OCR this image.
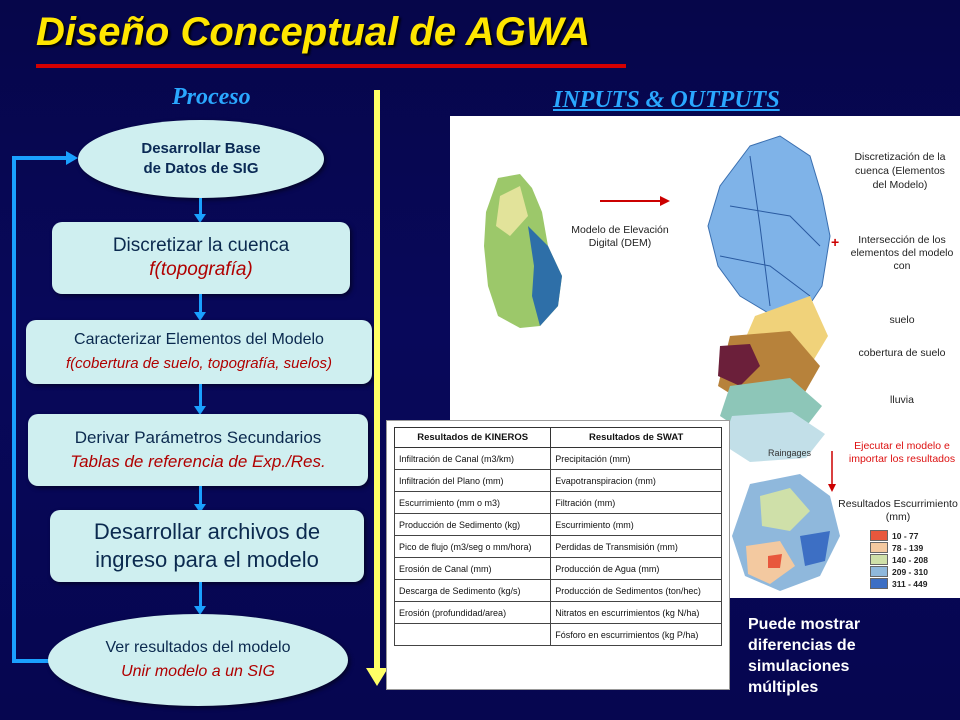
Diseño Conceptual de AGWA
Proceso	INPUTS & OUTPUTS
Desarrollar Base
de Datos de SIG
Discretizar la cuenca
f(topografía)
Caracterizar Elementos del Modelo
f(cobertura de suelo, topografía, suelos)
Derivar Parámetros Secundarios
Tablas de referencia de Exp./Res.
Desarrollar archivos de
ingreso para el modelo
Ver resultados del modelo
Unir modelo a un SIG
Raingages
Modelo de Elevación Digital (DEM)
Discretización de la cuenca (Elementos del Modelo)
+	Intersección de los elementos del modelo con
suelo
cobertura de suelo
lluvia
Ejecutar el modelo e importar los resultados
Resultados Escurrimiento (mm)
10 - 77
78 - 139
140 - 208
209 - 310
311 - 449
Resultados de KINEROS	Resultados de SWAT
Infiltración de Canal (m3/km)	Precipitación (mm)
Infiltración del Plano (mm)	Evapotranspiracion (mm)
Escurrimiento (mm o m3)	Filtración (mm)
Producción de Sedimento (kg)	Escurrimiento (mm)
Pico de flujo (m3/seg o mm/hora)	Perdidas de Transmisión (mm)
Erosión de Canal (mm)	Producción de Agua (mm)
Descarga de Sedimento (kg/s)	Producción de Sedimentos (ton/hec)
Erosión (profundidad/area)	Nitratos en escurrimientos (kg N/ha)
	Fósforo en escurrimientos (kg P/ha)
Puede mostrar
diferencias de
simulaciones
múltiples
